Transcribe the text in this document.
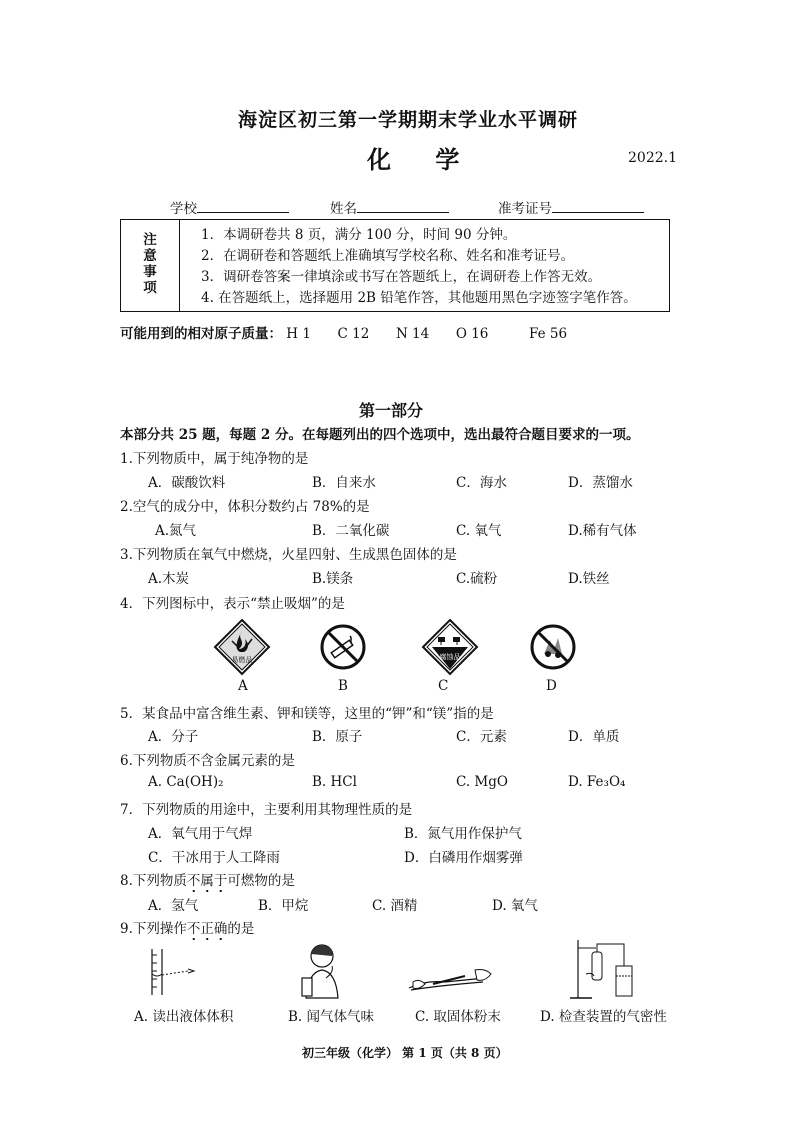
海淀区初三第一学期期末学业水平调研
化 学	2022.1
学校	姓名	准考证号
注
意
事
项
1．本调研卷共 8 页，满分 100 分，时间 90 分钟。
2．在调研卷和答题纸上准确填写学校名称、姓名和准考证号。
3．调研卷答案一律填涂或书写在答题纸上，在调研卷上作答无效。
4. 在答题纸上，选择题用 2B 铅笔作答，其他题用黑色字迹签字笔作答。
可能用到的相对原子质量： H 1 C 12 N 14 O 16	Fe 56
第一部分
本部分共 25 题，每题 2 分。在每题列出的四个选项中，选出最符合题目要求的一项。
1.下列物质中，属于纯净物的是
A．碳酸饮料	B．自来水	C．海水	D．蒸馏水
2.空气的成分中，体积分数约占 78%的是
A.氮气	B．二氧化碳	C. 氧气	D.稀有气体
3.下列物质在氧气中燃烧，火星四射、生成黑色固体的是
A.木炭	B.镁条	C.硫粉	D.铁丝
4．下列图标中，表示“禁止吸烟”的是
易燃品	腐蚀品
A	B	C	D
5．某食品中富含维生素、钾和镁等，这里的“钾”和“镁”指的是
A．分子	B．原子	C．元素	D．单质
6.下列物质不含金属元素的是
A. Ca(OH)₂	B. HCl	C. MgO	D. Fe₃O₄
7．下列物质的用途中，主要利用其物理性质的是
A．氧气用于气焊	B．氮气用作保护气
C．干冰用于人工降雨	D．白磷用作烟雾弹
8.下列物质不属于可燃物的是
A．氢气	B．甲烷	C. 酒精	D. 氧气
9.下列操作不正确的是
A. 读出液体体积	B. 闻气体气味	C. 取固体粉末	D. 检查装置的气密性
初三年级（化学） 第 1 页（共 8 页）
